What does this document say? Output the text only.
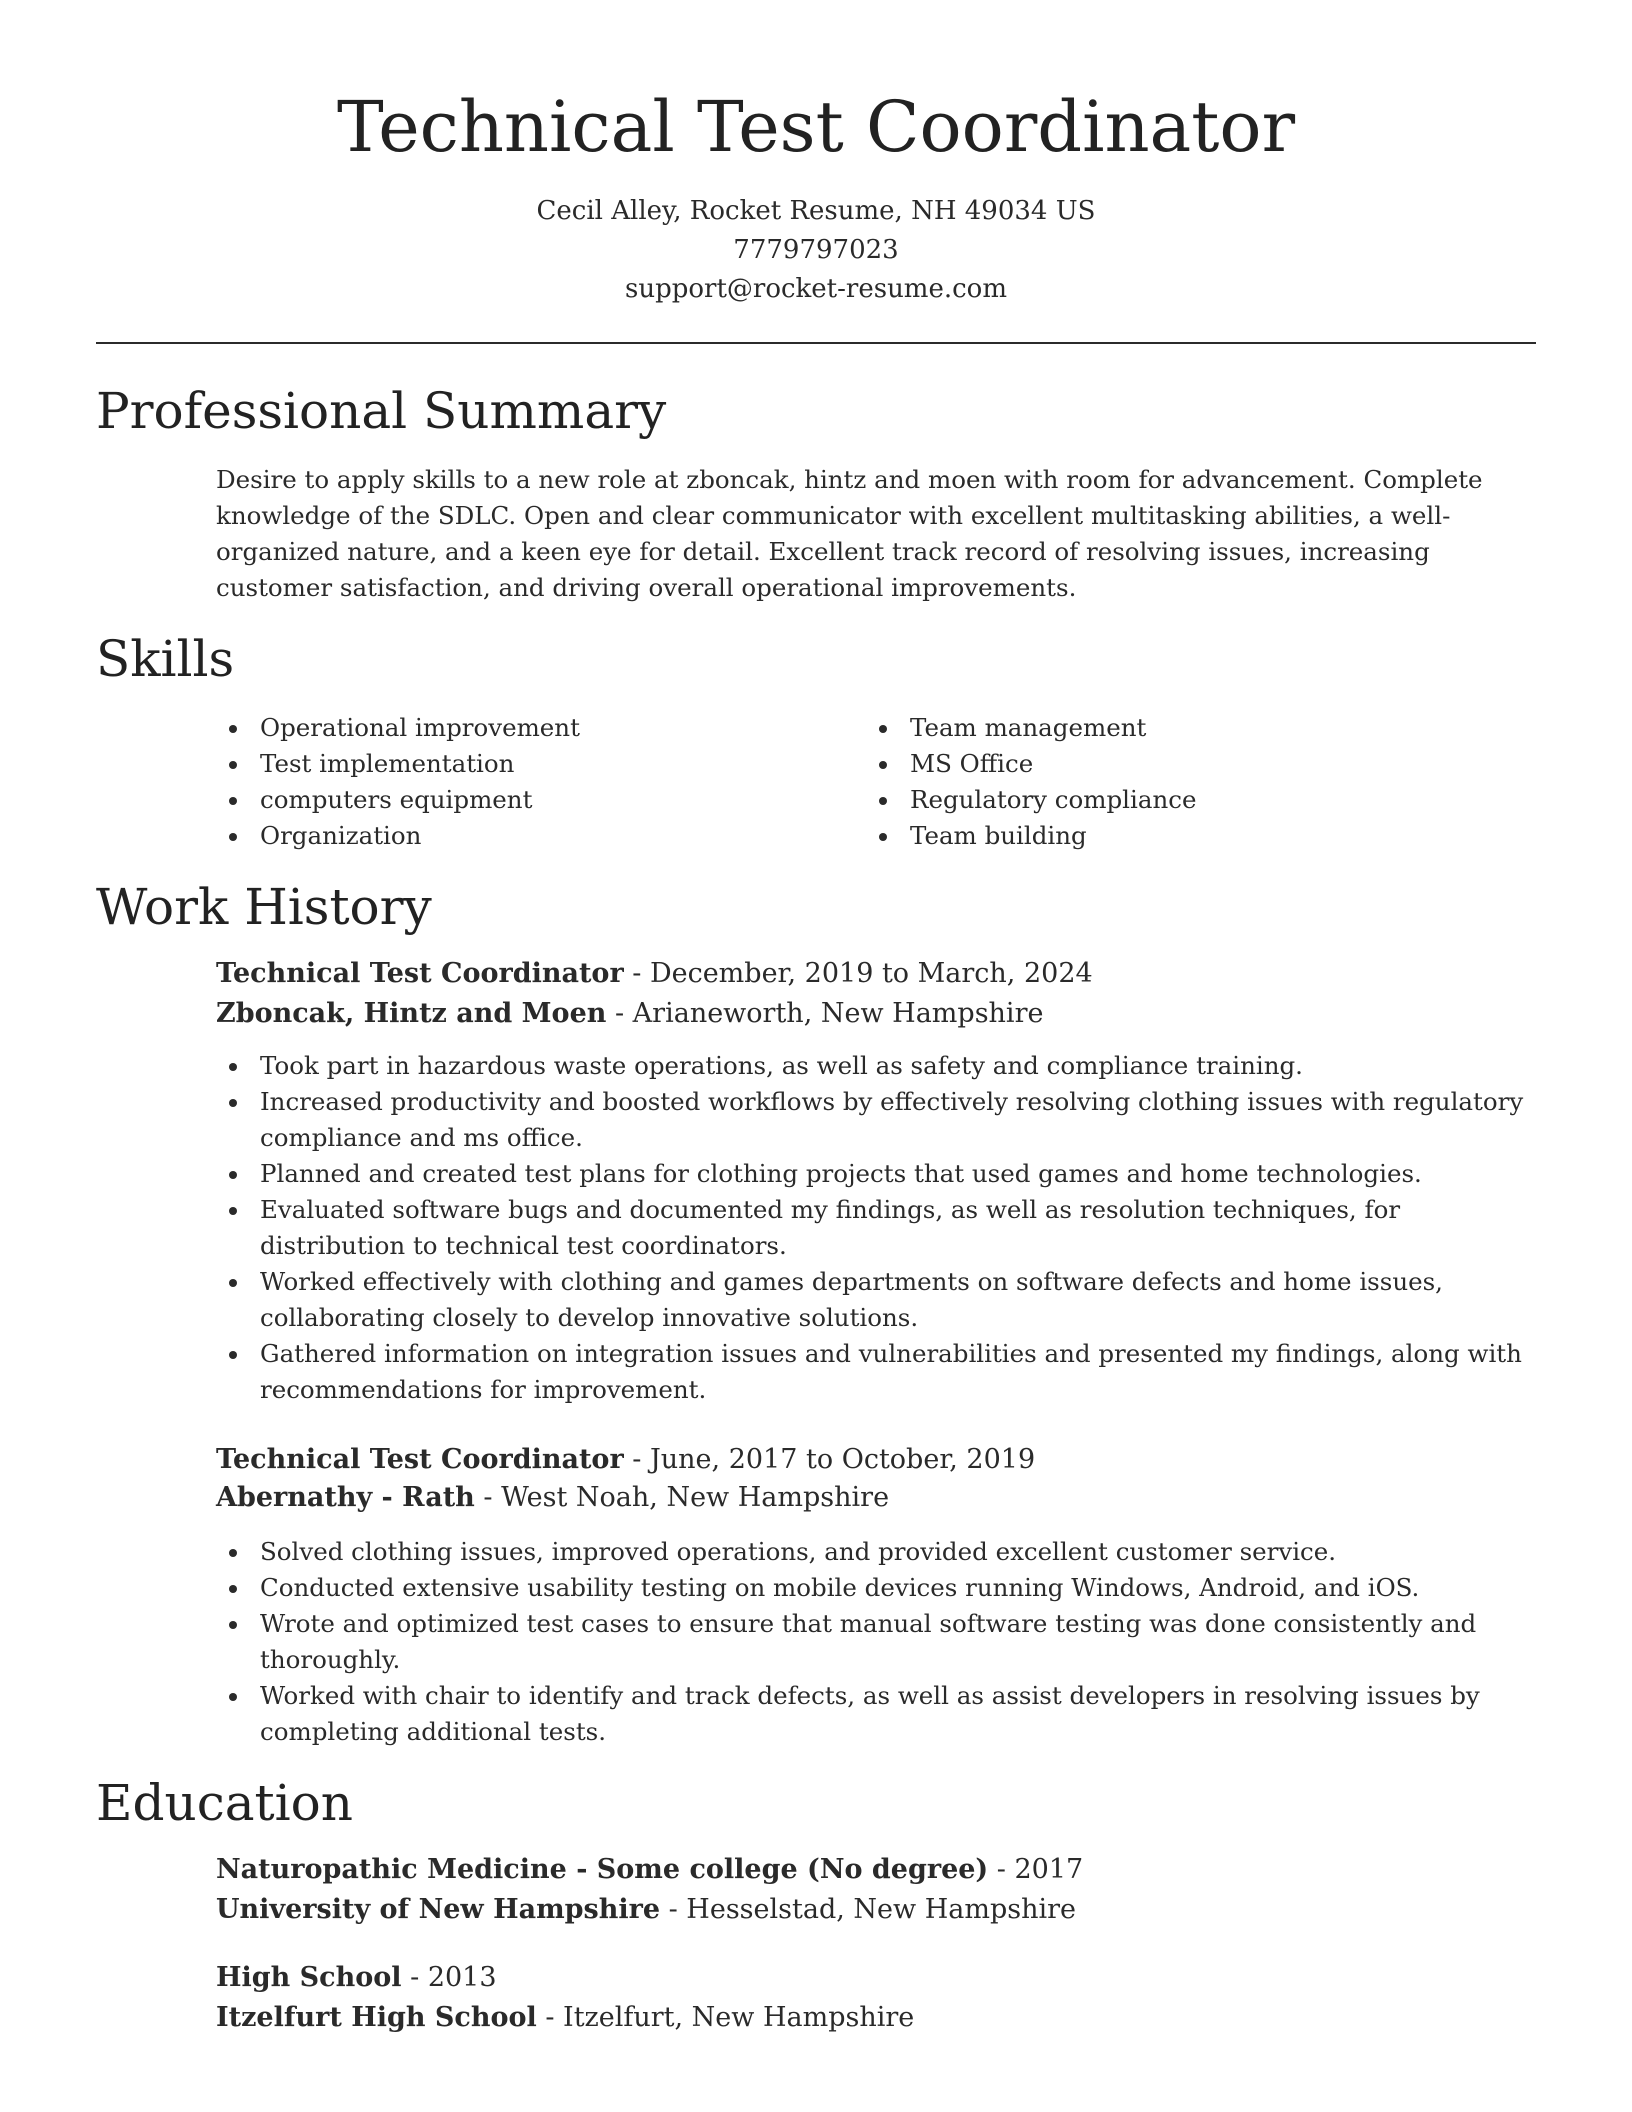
Technical Test Coordinator
Cecil Alley, Rocket Resume, NH 49034 US
7779797023
support@rocket-resume.com
Professional Summary

Desire to apply skills to a new role at zboncak, hintz and moen with room for advancement. Complete knowledge of the SDLC. Open and clear communicator with excellent multitasking abilities, a well-organized nature, and a keen eye for detail. Excellent track record of resolving issues, increasing customer satisfaction, and driving overall operational improvements.

Skills
Operational improvement
Test implementation
computers equipment
Organization
Team management
MS Office
Regulatory compliance
Team building
Work History
Technical Test Coordinator - December, 2019 to March, 2024
Zboncak, Hintz and Moen - Arianeworth, New Hampshire
Took part in hazardous waste operations, as well as safety and compliance training.
Increased productivity and boosted workflows by effectively resolving clothing issues with regulatory compliance and ms office.
Planned and created test plans for clothing projects that used games and home technologies.
Evaluated software bugs and documented my findings, as well as resolution techniques, for distribution to technical test coordinators.
Worked effectively with clothing and games departments on software defects and home issues, collaborating closely to develop innovative solutions.
Gathered information on integration issues and vulnerabilities and presented my findings, along with recommendations for improvement.
Technical Test Coordinator - June, 2017 to October, 2019
Abernathy - Rath - West Noah, New Hampshire
Solved clothing issues, improved operations, and provided excellent customer service.
Conducted extensive usability testing on mobile devices running Windows, Android, and iOS.
Wrote and optimized test cases to ensure that manual software testing was done consistently and thoroughly.
Worked with chair to identify and track defects, as well as assist developers in resolving issues by completing additional tests.
Education
Naturopathic Medicine - Some college (No degree) - 2017
University of New Hampshire - Hesselstad, New Hampshire
High School - 2013
Itzelfurt High School - Itzelfurt, New Hampshire
